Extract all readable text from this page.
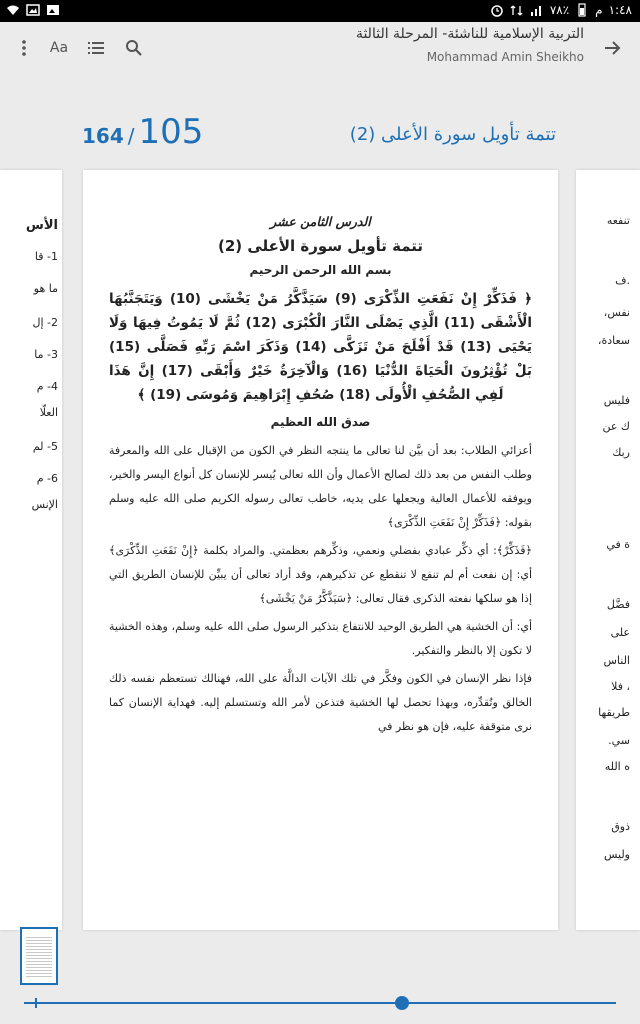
٧٨٪ م ١:٤٨
Aa
التربية الإسلامية للناشئة- المرحلة الثالثة
Mohammad Amin Sheikho
164 / 105	تتمة تأويل سورة الأعلى (2)
الأس
1- قا
ما هو
2- إل
3- ما
4- م
العلّا
5- لم
6- م
الإنس
الدرس الثامن عشر
تتمة تأويل سورة الأعلى (2)
بسم الله الرحمن الرحيم
﴿ فَذَكِّرْ إِنْ نَفَعَتِ الذِّكْرَى (9) سَيَذَّكَّرُ مَنْ يَخْشَى (10) وَيَتَجَنَّبُهَا الْأَشْقَى (11) الَّذِي يَصْلَى النَّارَ الْكُبْرَى (12) ثُمَّ لَا يَمُوتُ فِيهَا وَلَا يَحْيَى (13) قَدْ أَفْلَحَ مَنْ تَزَكَّى (14) وَذَكَرَ اسْمَ رَبِّهِ فَصَلَّى (15) بَلْ تُؤْثِرُونَ الْحَيَاةَ الدُّنْيَا (16) وَالْآخِرَةُ خَيْرٌ وَأَبْقَى (17) إِنَّ هَذَا لَفِي الصُّحُفِ الْأُولَى (18) صُحُفِ إِبْرَاهِيمَ وَمُوسَى (19) ﴾
صدق الله العظيم
أعزائي الطلاب: بعد أن بيَّن لنا تعالى ما ينتجه النظر في الكون من الإقبال على الله والمعرفة وطلب النفس من بعد ذلك لصالح الأعمال وأن الله تعالى يُيسر للإنسان كل أنواع اليسر والخير، ويوفقه للأعمال العالية ويجعلها على يديه، خاطب تعالى رسوله الكريم صلى الله عليه وسلم بقوله: ﴿فَذَكِّرْ إِنْ نَفَعَتِ الذِّكْرَى﴾
﴿فَذَكِّرْ﴾: أي ذكِّر عبادي بفضلي ونعمي، وذكِّرهم بعظمتي. والمراد بكلمة ﴿إِنْ نَفَعَتِ الذِّكْرَى﴾ أي: إن نفعت أم لم تنفع لا تنقطع عن تذكيرهم، وقد أراد تعالى أن يبيِّن للإنسان الطريق التي إذا هو سلكها نفعته الذكرى فقال تعالى: ﴿سَيَذَّكَّرُ مَنْ يَخْشَى﴾
أي: أن الخشية هي الطريق الوحيد للانتفاع بتذكير الرسول صلى الله عليه وسلم، وهذه الخشية لا تكون إلا بالنظر والتفكير.
فإذا نظر الإنسان في الكون وفكَّر في تلك الآيات الدالَّة على الله، فهنالك تستعظم نفسه ذلك الخالق وتُقدِّره، وبهذا تحصل لها الخشية فتذعن لأمر الله وتستسلم إليه. فهداية الإنسان كما نرى متوقفة عليه، فإن هو نظر في
تنفعه
.ف
نفس،
سعادة،
فليس
ك عن
ربك
ة في
فضَّل
على
الناس
، فلا
طريقها
سي.
ه الله
ذوق
وليس
